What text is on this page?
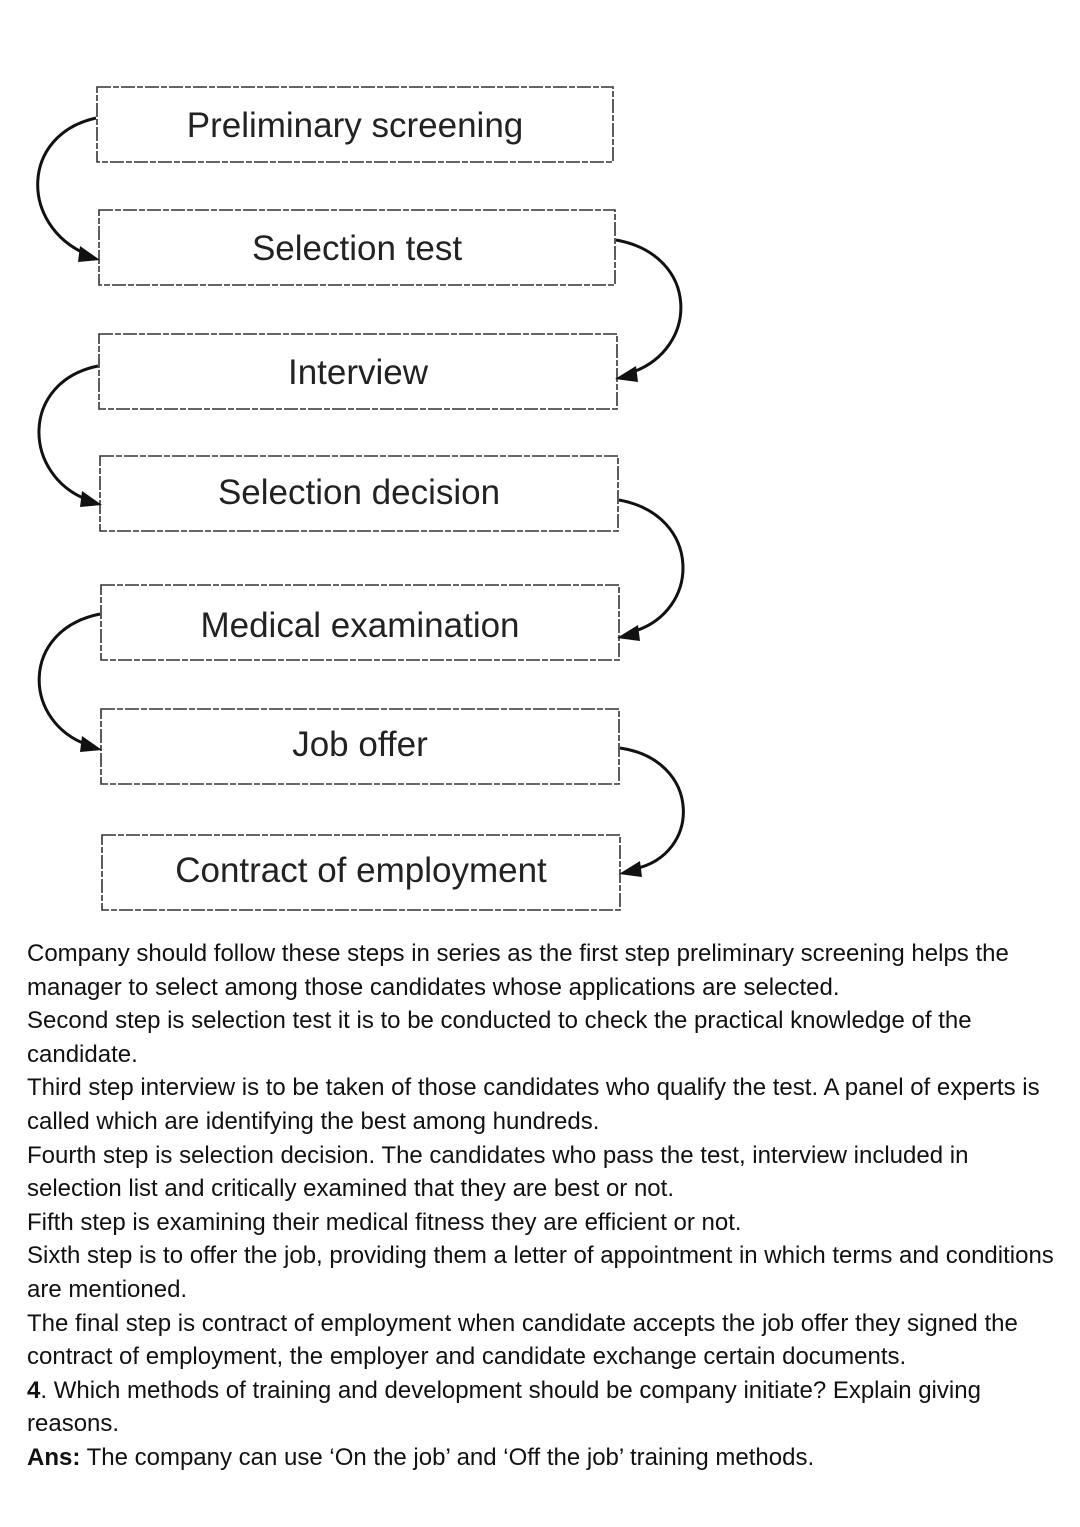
Preliminary screening
Selection test
Interview
Selection decision
Medical examination
Job offer
Contract of employment

Company should follow these steps in series as the first step preliminary screening helps the manager to select among those candidates whose applications are selected.

Second step is selection test it is to be conducted to check the practical knowledge of the candidate.

Third step interview is to be taken of those candidates who qualify the test. A panel of experts is called which are identifying the best among hundreds.

Fourth step is selection decision. The candidates who pass the test, interview included in selection list and critically examined that they are best or not.

Fifth step is examining their medical fitness they are efficient or not.

Sixth step is to offer the job, providing them a letter of appointment in which terms and conditions are mentioned.

The final step is contract of employment when candidate accepts the job offer they signed the contract of employment, the employer and candidate exchange certain documents.

4. Which methods of training and development should be company initiate? Explain giving reasons.

Ans: The company can use ‘On the job’ and ‘Off the job’ training methods.
